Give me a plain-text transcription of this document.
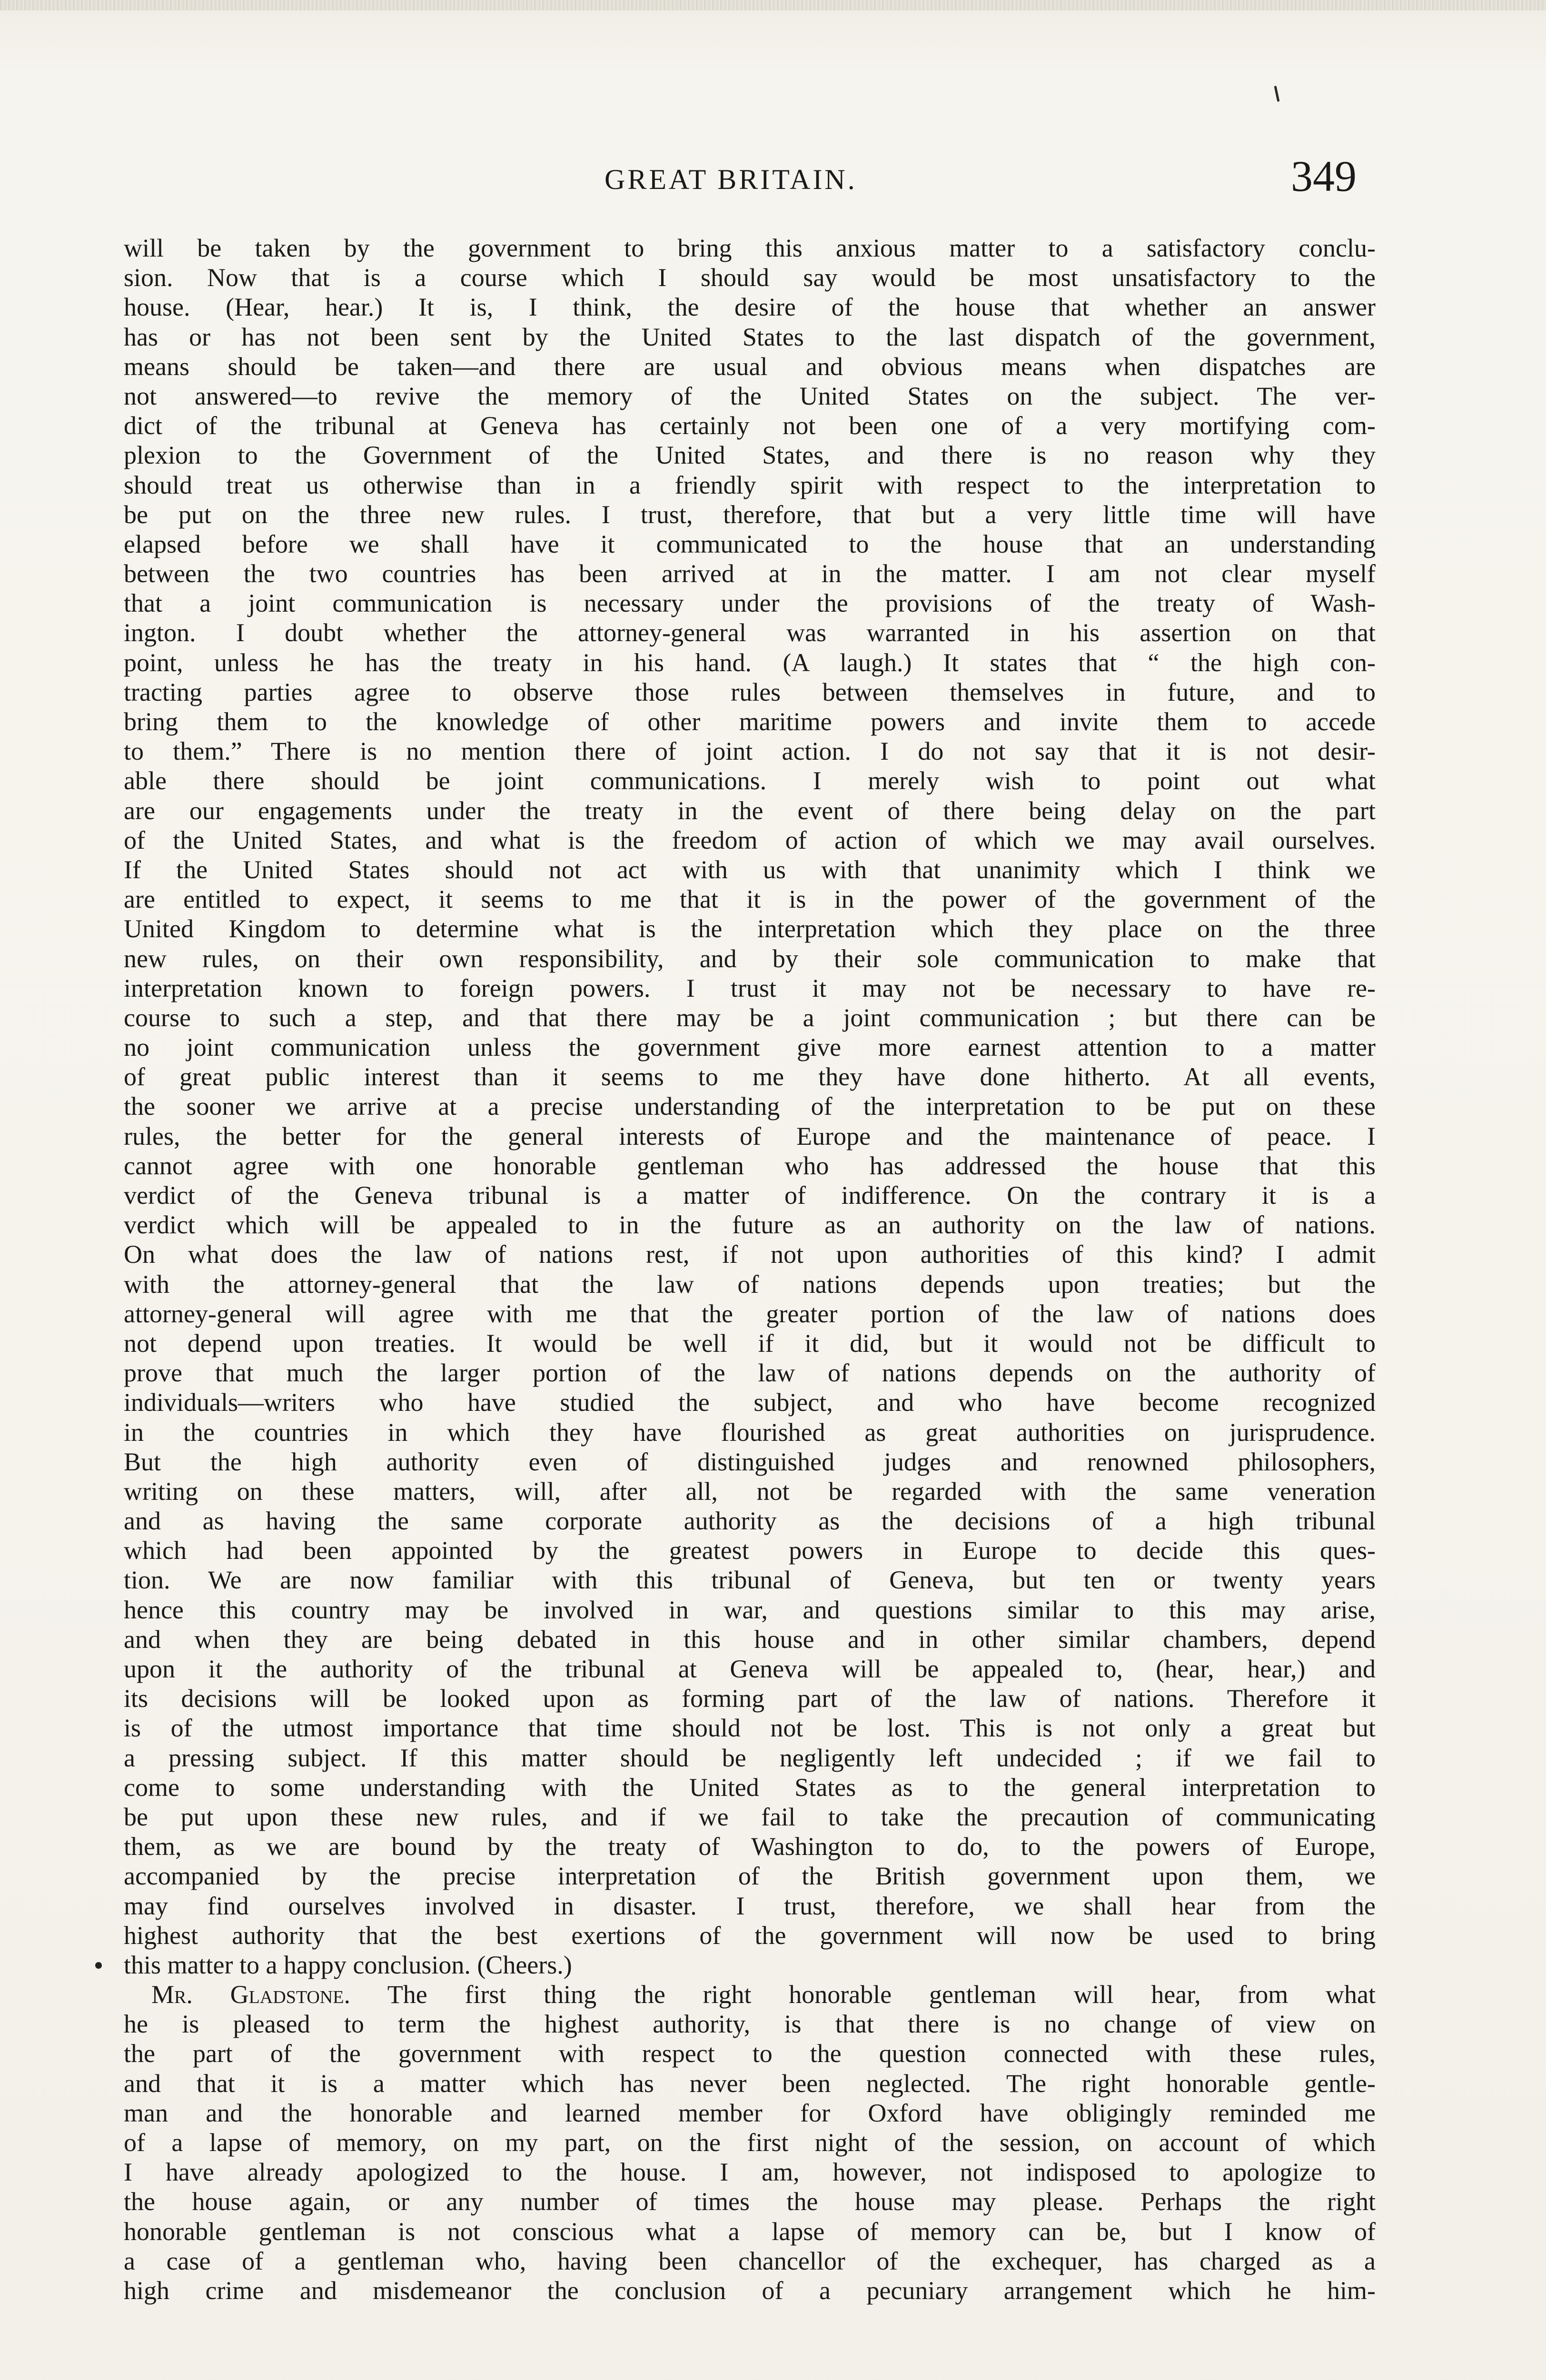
GREAT BRITAIN.	349
will be taken by the government to bring this anxious matter to a satisfactory conclu-
sion. Now that is a course which I should say would be most unsatisfactory to the
house. (Hear, hear.) It is, I think, the desire of the house that whether an answer
has or has not been sent by the United States to the last dispatch of the government,
means should be taken—and there are usual and obvious means when dispatches are
not answered—to revive the memory of the United States on the subject. The ver-
dict of the tribunal at Geneva has certainly not been one of a very mortifying com-
plexion to the Government of the United States, and there is no reason why they
should treat us otherwise than in a friendly spirit with respect to the interpretation to
be put on the three new rules. I trust, therefore, that but a very little time will have
elapsed before we shall have it communicated to the house that an understanding
between the two countries has been arrived at in the matter. I am not clear myself
that a joint communication is necessary under the provisions of the treaty of Wash-
ington. I doubt whether the attorney-general was warranted in his assertion on that
point, unless he has the treaty in his hand. (A laugh.) It states that “ the high con-
tracting parties agree to observe those rules between themselves in future, and to
bring them to the knowledge of other maritime powers and invite them to accede
to them.” There is no mention there of joint action. I do not say that it is not desir-
able there should be joint communications. I merely wish to point out what
are our engagements under the treaty in the event of there being delay on the part
of the United States, and what is the freedom of action of which we may avail ourselves.
If the United States should not act with us with that unanimity which I think we
are entitled to expect, it seems to me that it is in the power of the government of the
United Kingdom to determine what is the interpretation which they place on the three
new rules, on their own responsibility, and by their sole communication to make that
interpretation known to foreign powers. I trust it may not be necessary to have re-
course to such a step, and that there may be a joint communication ; but there can be
no joint communication unless the government give more earnest attention to a matter
of great public interest than it seems to me they have done hitherto. At all events,
the sooner we arrive at a precise understanding of the interpretation to be put on these
rules, the better for the general interests of Europe and the maintenance of peace. I
cannot agree with one honorable gentleman who has addressed the house that this
verdict of the Geneva tribunal is a matter of indifference. On the contrary it is a
verdict which will be appealed to in the future as an authority on the law of nations.
On what does the law of nations rest, if not upon authorities of this kind? I admit
with the attorney-general that the law of nations depends upon treaties; but the
attorney-general will agree with me that the greater portion of the law of nations does
not depend upon treaties. It would be well if it did, but it would not be difficult to
prove that much the larger portion of the law of nations depends on the authority of
individuals—writers who have studied the subject, and who have become recognized
in the countries in which they have flourished as great authorities on jurisprudence.
But the high authority even of distinguished judges and renowned philosophers,
writing on these matters, will, after all, not be regarded with the same veneration
and as having the same corporate authority as the decisions of a high tribunal
which had been appointed by the greatest powers in Europe to decide this ques-
tion. We are now familiar with this tribunal of Geneva, but ten or twenty years
hence this country may be involved in war, and questions similar to this may arise,
and when they are being debated in this house and in other similar chambers, depend
upon it the authority of the tribunal at Geneva will be appealed to, (hear, hear,) and
its decisions will be looked upon as forming part of the law of nations. Therefore it
is of the utmost importance that time should not be lost. This is not only a great but
a pressing subject. If this matter should be negligently left undecided ; if we fail to
come to some understanding with the United States as to the general interpretation to
be put upon these new rules, and if we fail to take the precaution of communicating
them, as we are bound by the treaty of Washington to do, to the powers of Europe,
accompanied by the precise interpretation of the British government upon them, we
may find ourselves involved in disaster. I trust, therefore, we shall hear from the
highest authority that the best exertions of the government will now be used to bring
this matter to a happy conclusion. (Cheers.)
Mr. Gladstone. The first thing the right honorable gentleman will hear, from what
he is pleased to term the highest authority, is that there is no change of view on
the part of the government with respect to the question connected with these rules,
and that it is a matter which has never been neglected. The right honorable gentle-
man and the honorable and learned member for Oxford have obligingly reminded me
of a lapse of memory, on my part, on the first night of the session, on account of which
I have already apologized to the house. I am, however, not indisposed to apologize to
the house again, or any number of times the house may please. Perhaps the right
honorable gentleman is not conscious what a lapse of memory can be, but I know of
a case of a gentleman who, having been chancellor of the exchequer, has charged as a
high crime and misdemeanor the conclusion of a pecuniary arrangement which he him-
